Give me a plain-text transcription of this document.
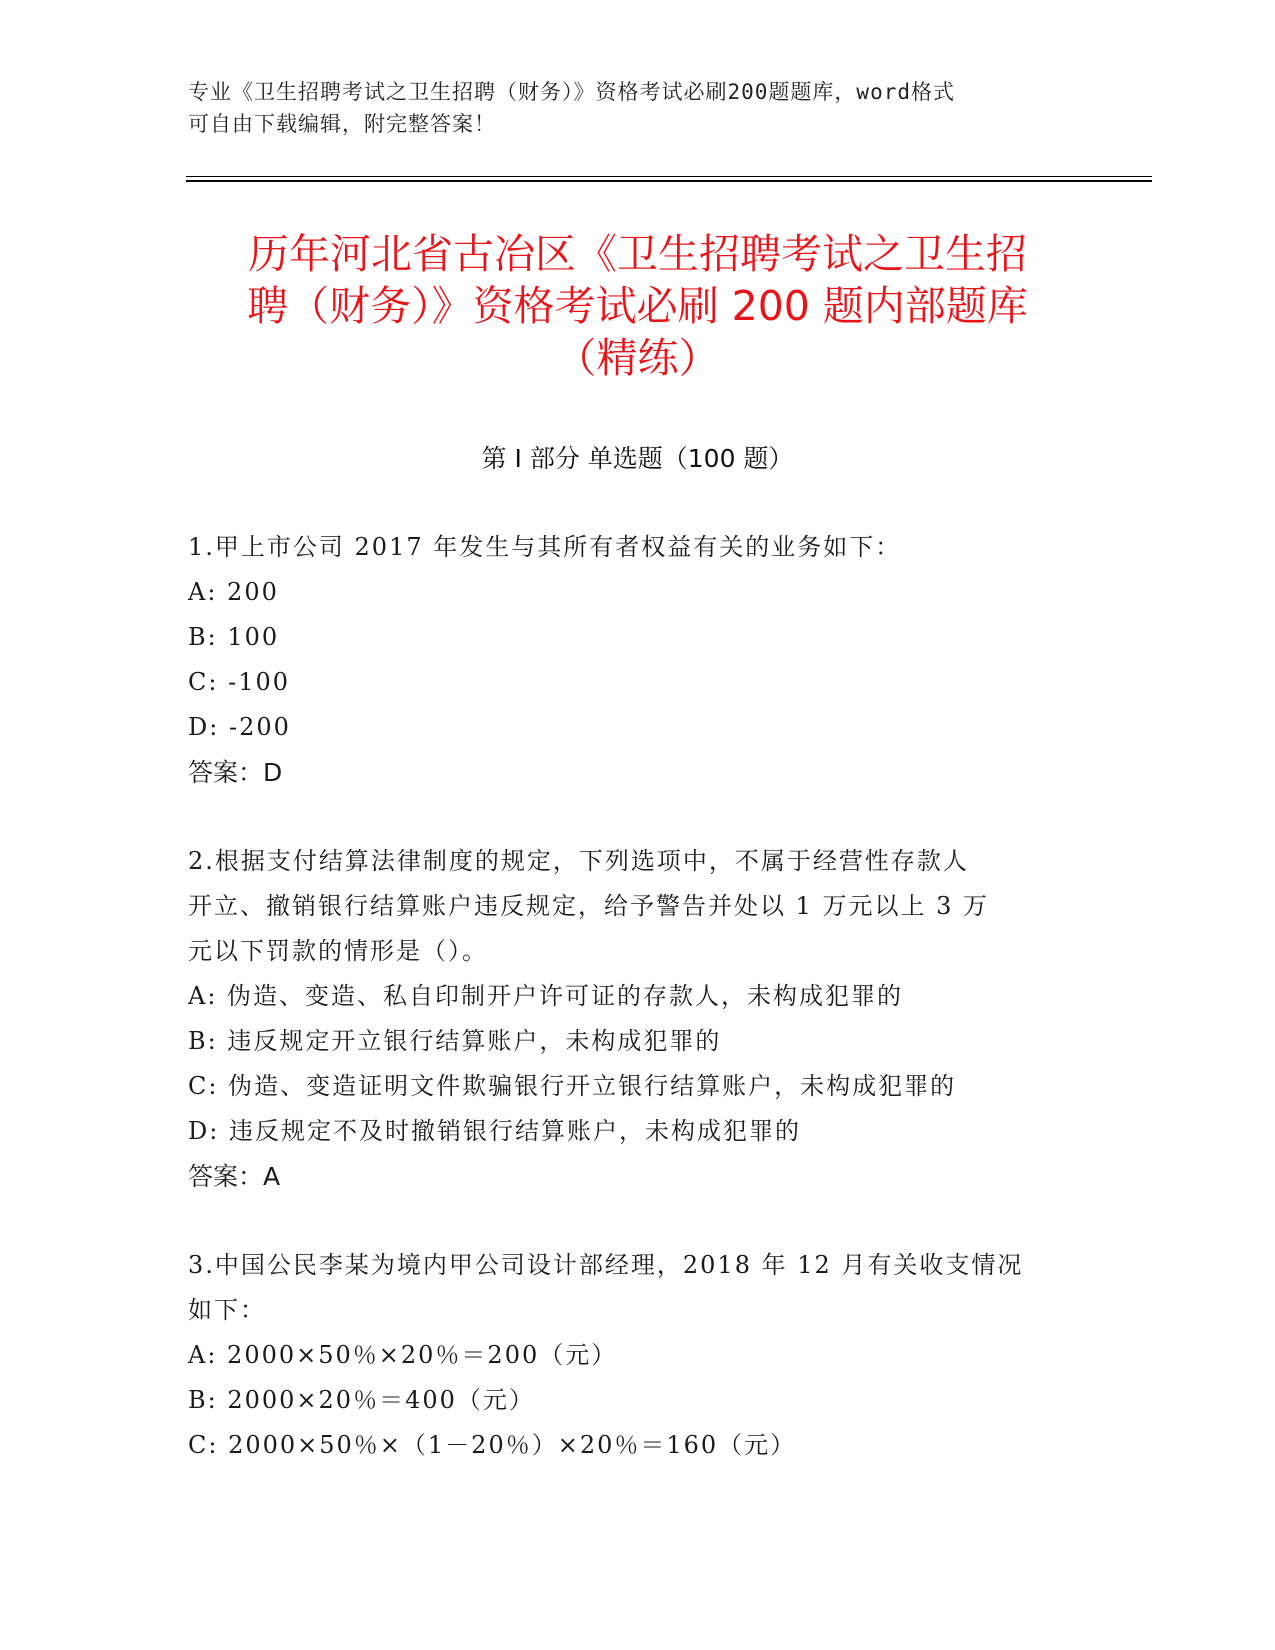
专业《卫生招聘考试之卫生招聘（财务）》资格考试必刷200题题库，word格式
可自由下载编辑，附完整答案！
历年河北省古冶区《卫生招聘考试之卫生招
聘（财务）》资格考试必刷 200 题内部题库
（精练）
第 I 部分 单选题（100 题）
1.甲上市公司 2017 年发生与其所有者权益有关的业务如下：
A: 200
B: 100
C: -100
D: -200
答案：D
2.根据支付结算法律制度的规定，下列选项中，不属于经营性存款人
开立、撤销银行结算账户违反规定，给予警告并处以 1 万元以上 3 万
元以下罚款的情形是（）。
A: 伪造、变造、私自印制开户许可证的存款人，未构成犯罪的
B: 违反规定开立银行结算账户，未构成犯罪的
C: 伪造、变造证明文件欺骗银行开立银行结算账户，未构成犯罪的
D: 违反规定不及时撤销银行结算账户，未构成犯罪的
答案：A
3.中国公民李某为境内甲公司设计部经理，2018 年 12 月有关收支情况
如下：
A: 2000×50％×20％＝200（元）
B: 2000×20％＝400（元）
C: 2000×50％×（1－20％）×20％＝160（元）
